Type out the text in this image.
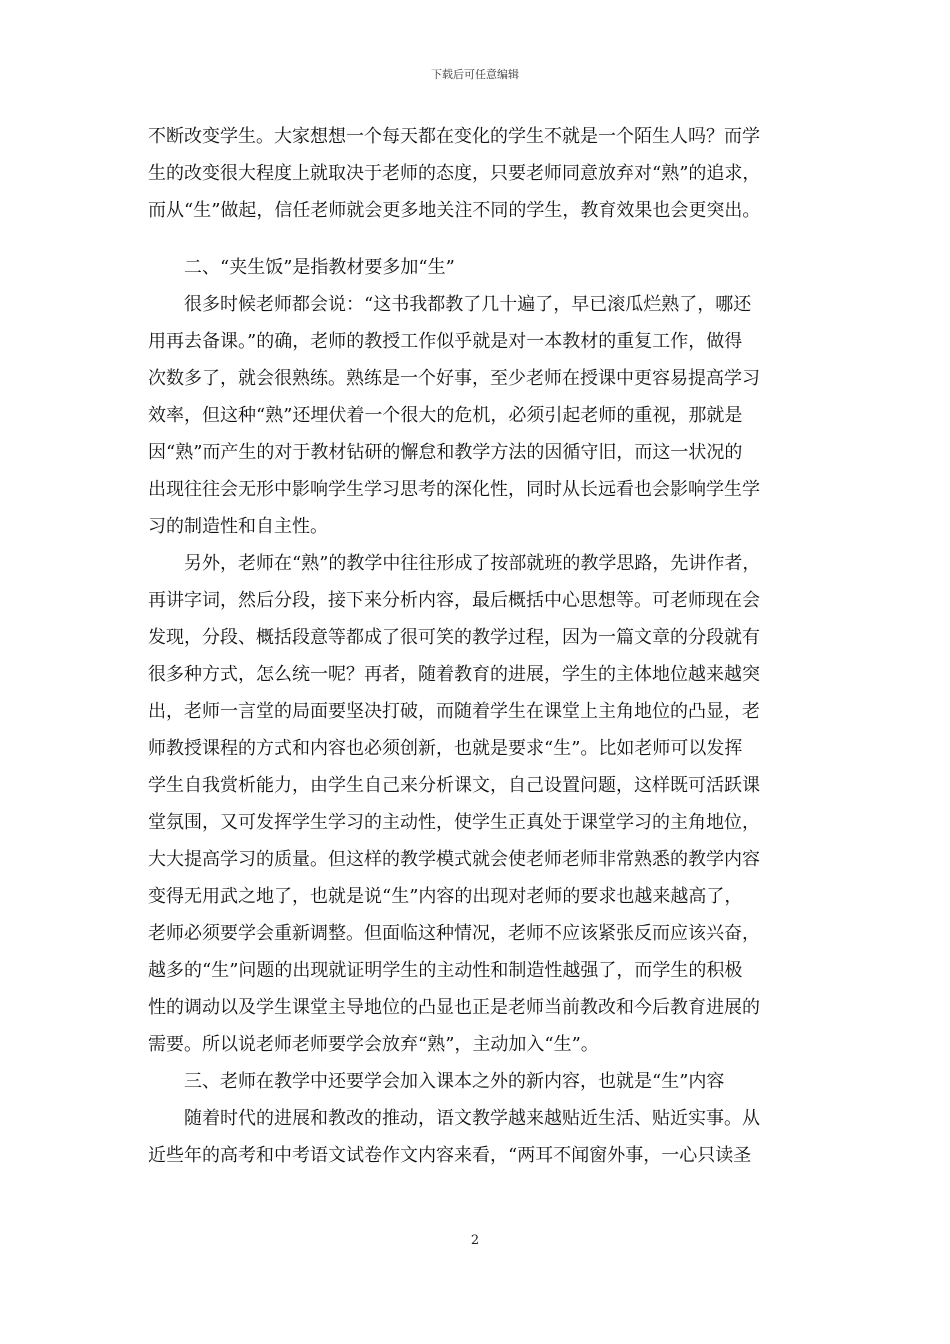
下载后可任意编辑
不断改变学生。大家想想一个每天都在变化的学生不就是一个陌生人吗？而学
生的改变很大程度上就取决于老师的态度，只要老师同意放弃对“熟”的追求，
而从“生”做起，信任老师就会更多地关注不同的学生，教育效果也会更突出。
二、“夹生饭”是指教材要多加“生”
很多时候老师都会说：“这书我都教了几十遍了，早已滚瓜烂熟了，哪还
用再去备课。”的确，老师的教授工作似乎就是对一本教材的重复工作，做得
次数多了，就会很熟练。熟练是一个好事，至少老师在授课中更容易提高学习
效率，但这种“熟”还埋伏着一个很大的危机，必须引起老师的重视，那就是
因“熟”而产生的对于教材钻研的懈怠和教学方法的因循守旧，而这一状况的
出现往往会无形中影响学生学习思考的深化性，同时从长远看也会影响学生学
习的制造性和自主性。
另外，老师在“熟”的教学中往往形成了按部就班的教学思路，先讲作者，
再讲字词，然后分段，接下来分析内容，最后概括中心思想等。可老师现在会
发现，分段、概括段意等都成了很可笑的教学过程，因为一篇文章的分段就有
很多种方式，怎么统一呢？再者，随着教育的进展，学生的主体地位越来越突
出，老师一言堂的局面要坚决打破，而随着学生在课堂上主角地位的凸显，老
师教授课程的方式和内容也必须创新，也就是要求“生”。比如老师可以发挥
学生自我赏析能力，由学生自己来分析课文，自己设置问题，这样既可活跃课
堂氛围，又可发挥学生学习的主动性，使学生正真处于课堂学习的主角地位，
大大提高学习的质量。但这样的教学模式就会使老师老师非常熟悉的教学内容
变得无用武之地了，也就是说“生”内容的出现对老师的要求也越来越高了，
老师必须要学会重新调整。但面临这种情况，老师不应该紧张反而应该兴奋，
越多的“生”问题的出现就证明学生的主动性和制造性越强了，而学生的积极
性的调动以及学生课堂主导地位的凸显也正是老师当前教改和今后教育进展的
需要。所以说老师老师要学会放弃“熟”，主动加入“生”。
三、老师在教学中还要学会加入课本之外的新内容，也就是“生”内容
随着时代的进展和教改的推动，语文教学越来越贴近生活、贴近实事。从
近些年的高考和中考语文试卷作文内容来看，“两耳不闻窗外事，一心只读圣
2
